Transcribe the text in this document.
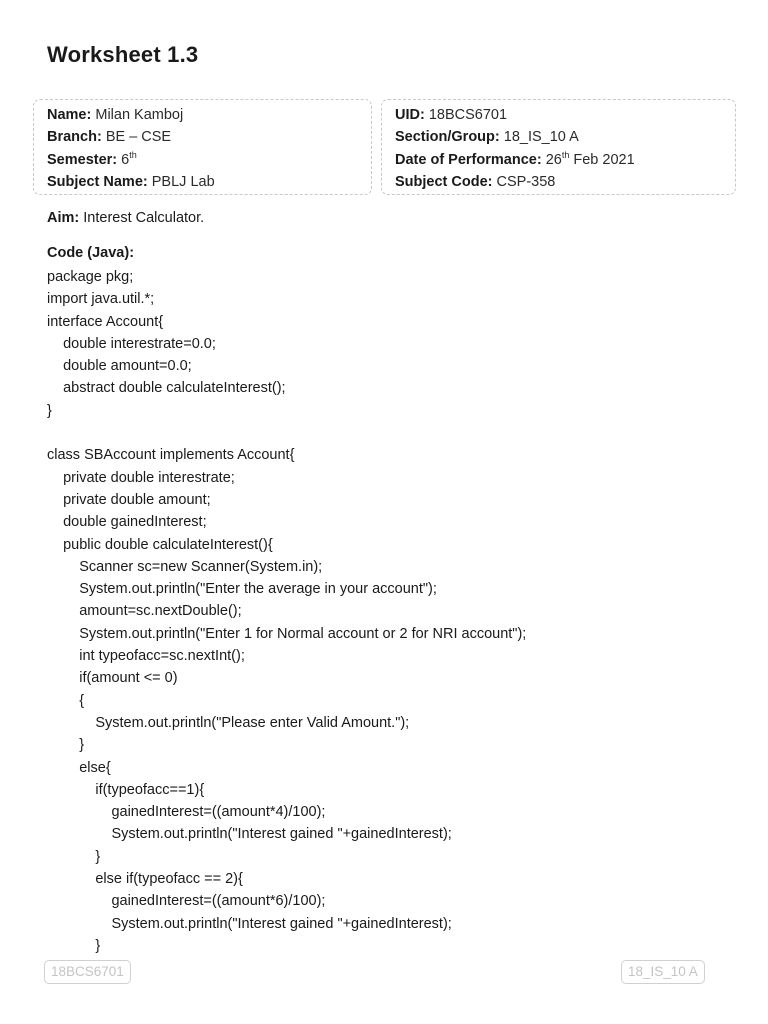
Worksheet 1.3
Name: Milan Kamboj
Branch: BE – CSE
Semester: 6th
Subject Name: PBLJ Lab
UID: 18BCS6701
Section/Group: 18_IS_10 A
Date of Performance: 26th Feb 2021
Subject Code: CSP-358
Aim: Interest Calculator.
Code (Java):
package pkg;
import java.util.*;
interface Account{
double interestrate=0.0;
double amount=0.0;
abstract double calculateInterest();
}
class SBAccount implements Account{
private double interestrate;
private double amount;
double gainedInterest;
public double calculateInterest(){
Scanner sc=new Scanner(System.in);
System.out.println("Enter the average in your account");
amount=sc.nextDouble();
System.out.println("Enter 1 for Normal account or 2 for NRI account");
int typeofacc=sc.nextInt();
if(amount <= 0)
{
System.out.println("Please enter Valid Amount.");
}
else{
if(typeofacc==1){
gainedInterest=((amount*4)/100);
System.out.println("Interest gained "+gainedInterest);
}
else if(typeofacc == 2){
gainedInterest=((amount*6)/100);
System.out.println("Interest gained "+gainedInterest);
}
18BCS6701	18_IS_10 A
